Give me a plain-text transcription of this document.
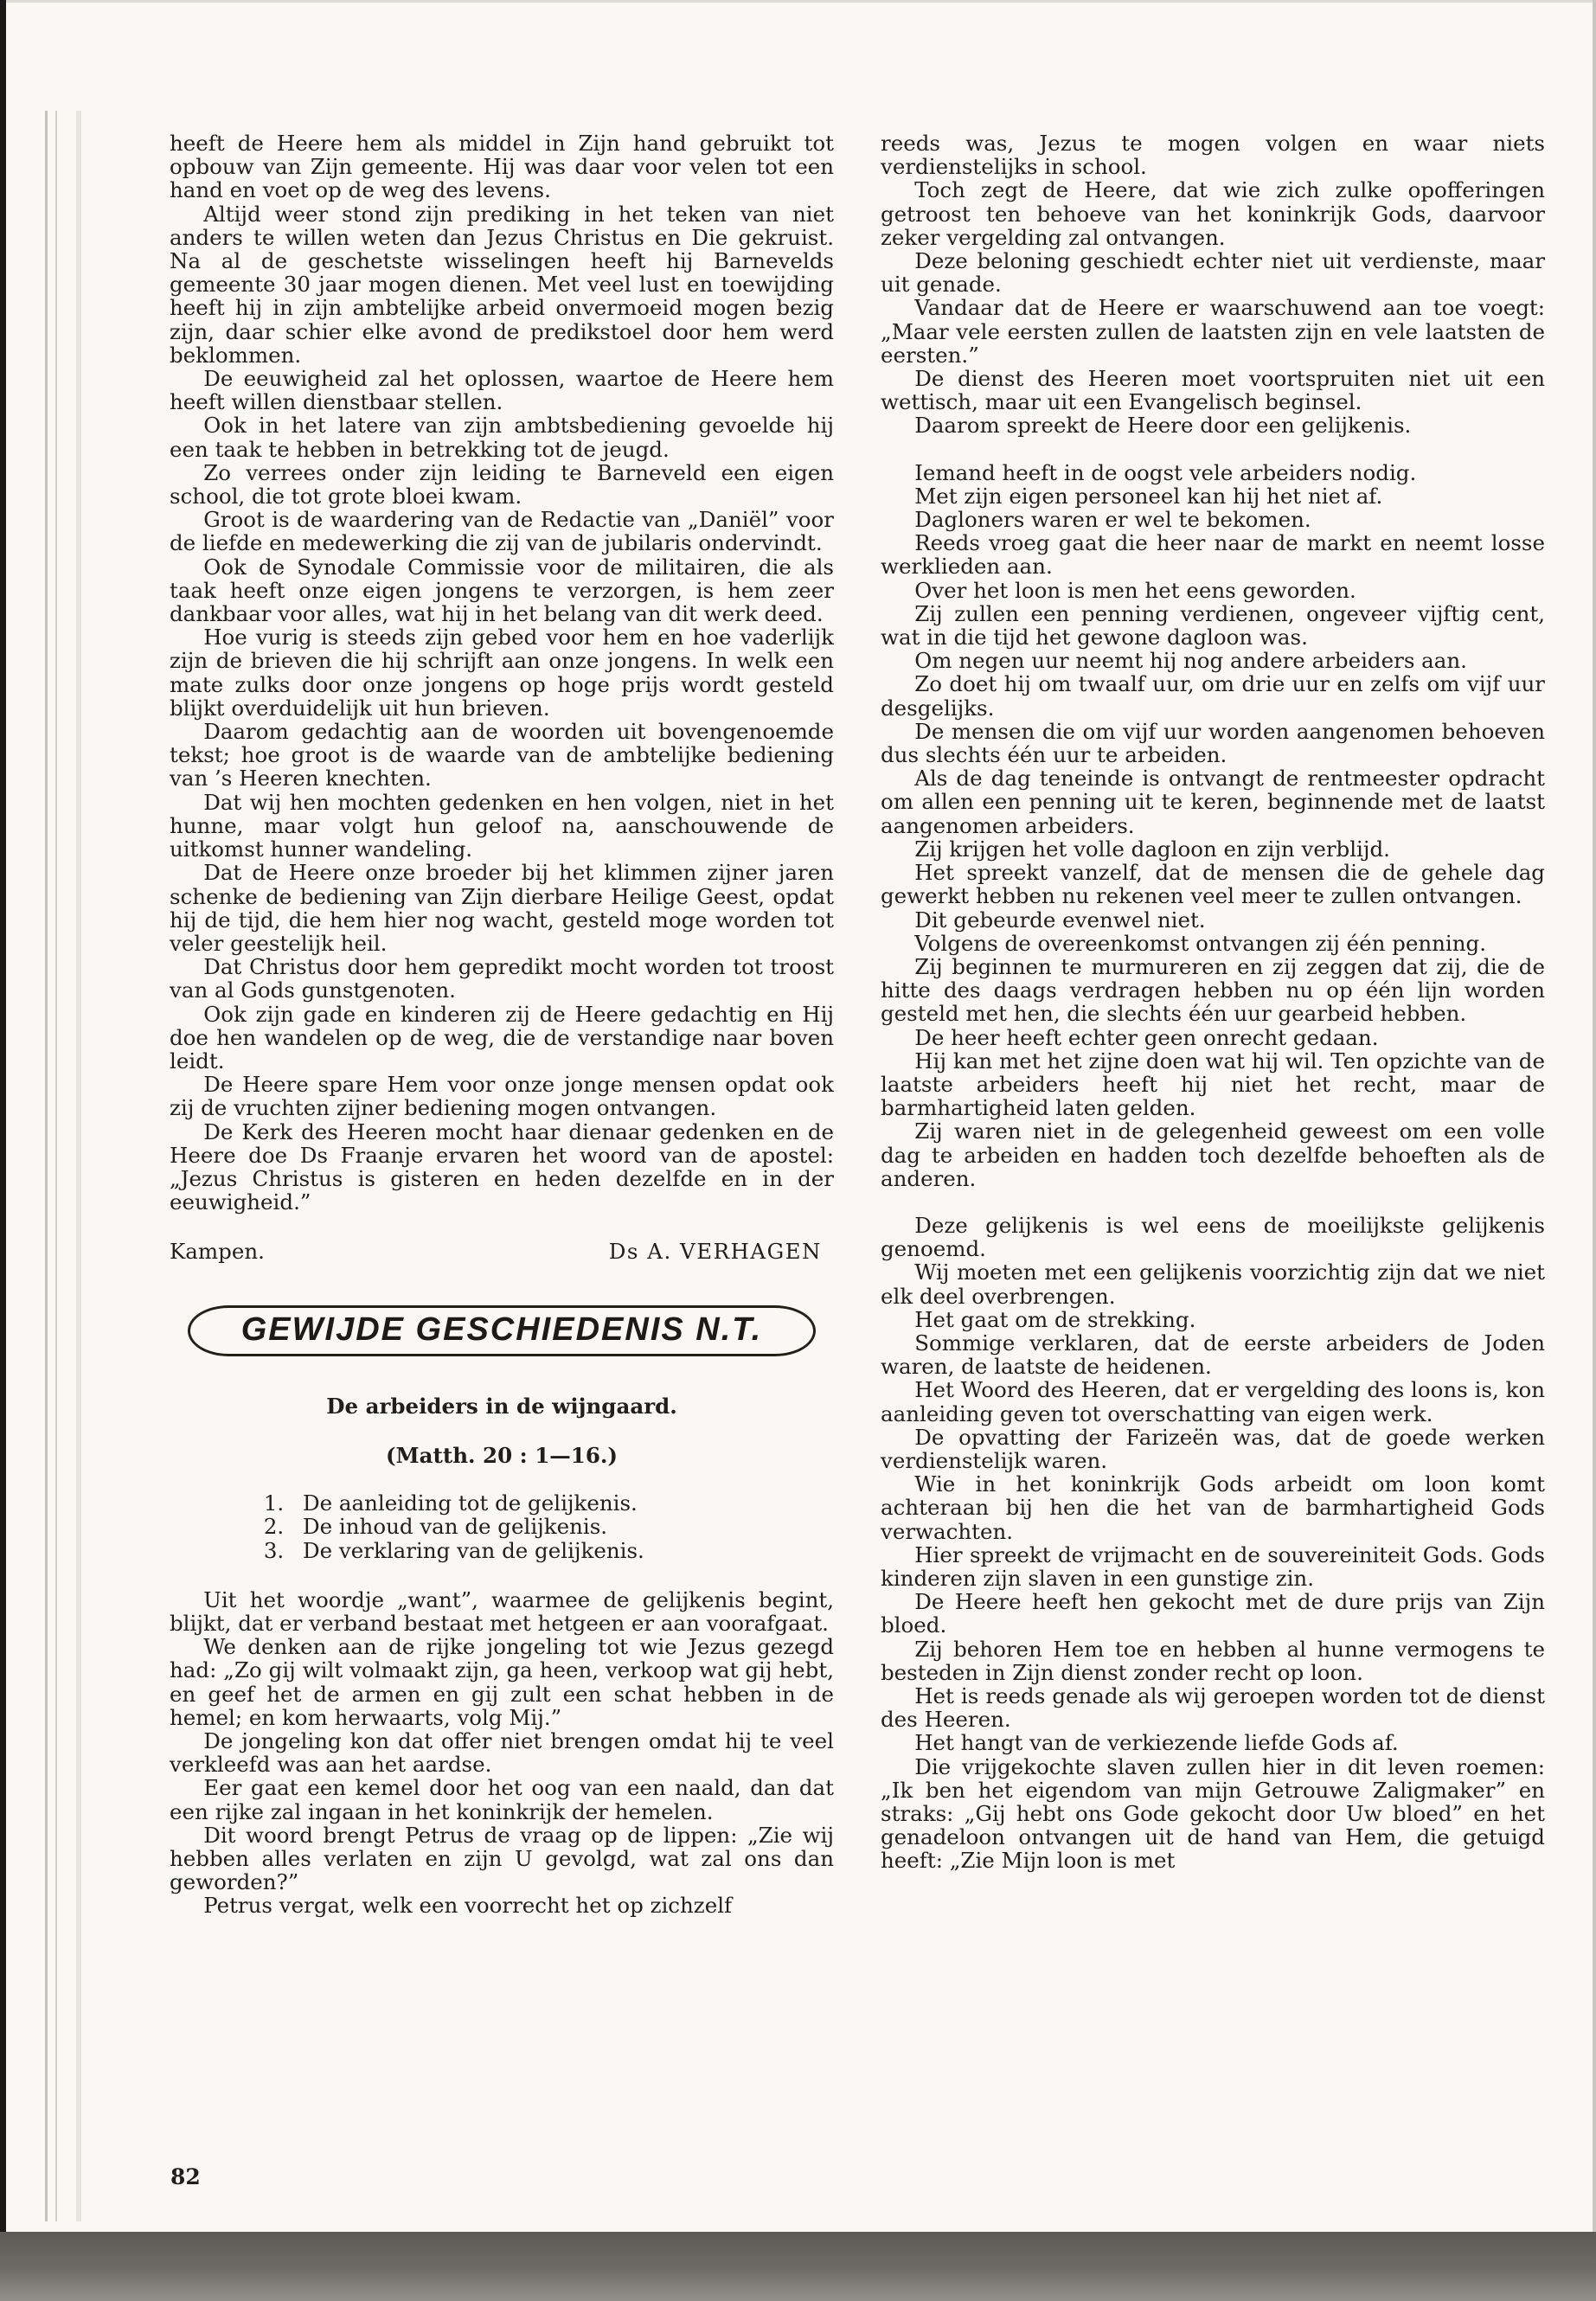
heeft de Heere hem als middel in Zijn hand gebruikt tot opbouw van Zijn gemeente. Hij was daar voor velen tot een hand en voet op de weg des levens.

Altijd weer stond zijn prediking in het teken van niet anders te willen weten dan Jezus Christus en Die gekruist. Na al de geschetste wisselingen heeft hij Barnevelds gemeente 30 jaar mogen dienen. Met veel lust en toewijding heeft hij in zijn ambtelijke arbeid onvermoeid mogen bezig zijn, daar schier elke avond de predikstoel door hem werd beklommen.

De eeuwigheid zal het oplossen, waartoe de Heere hem heeft willen dienstbaar stellen.

Ook in het latere van zijn ambtsbediening gevoelde hij een taak te hebben in betrekking tot de jeugd.

Zo verrees onder zijn leiding te Barneveld een eigen school, die tot grote bloei kwam.

Groot is de waardering van de Redactie van „Daniël” voor de liefde en medewerking die zij van de jubilaris ondervindt.

Ook de Synodale Commissie voor de militairen, die als taak heeft onze eigen jongens te verzorgen, is hem zeer dankbaar voor alles, wat hij in het belang van dit werk deed.

Hoe vurig is steeds zijn gebed voor hem en hoe vaderlijk zijn de brieven die hij schrijft aan onze jongens. In welk een mate zulks door onze jongens op hoge prijs wordt gesteld blijkt overduidelijk uit hun brieven.

Daarom gedachtig aan de woorden uit bovengenoemde tekst; hoe groot is de waarde van de ambtelijke bediening van ’s Heeren knechten.

Dat wij hen mochten gedenken en hen volgen, niet in het hunne, maar volgt hun geloof na, aanschouwende de uitkomst hunner wandeling.

Dat de Heere onze broeder bij het klimmen zijner jaren schenke de bediening van Zijn dierbare Heilige Geest, opdat hij de tijd, die hem hier nog wacht, gesteld moge worden tot veler geestelijk heil.

Dat Christus door hem gepredikt mocht worden tot troost van al Gods gunstgenoten.

Ook zijn gade en kinderen zij de Heere gedachtig en Hij doe hen wandelen op de weg, die de verstandige naar boven leidt.

De Heere spare Hem voor onze jonge mensen opdat ook zij de vruchten zijner bediening mogen ontvangen.

De Kerk des Heeren mocht haar dienaar gedenken en de Heere doe Ds Fraanje ervaren het woord van de apostel: „Jezus Christus is gisteren en heden dezelfde en in der eeuwigheid.”

Kampen.	Ds A. VERHAGEN
GEWIJDE GESCHIEDENIS N.T.
De arbeiders in de wijngaard.
(Matth. 20 : 1—16.)
1. De aanleiding tot de gelijkenis.
2. De inhoud van de gelijkenis.
3. De verklaring van de gelijkenis.

Uit het woordje „want”, waarmee de gelijkenis begint, blijkt, dat er verband bestaat met hetgeen er aan voorafgaat.

We denken aan de rijke jongeling tot wie Jezus gezegd had: „Zo gij wilt volmaakt zijn, ga heen, verkoop wat gij hebt, en geef het de armen en gij zult een schat hebben in de hemel; en kom herwaarts, volg Mij.”

De jongeling kon dat offer niet brengen omdat hij te veel verkleefd was aan het aardse.

Eer gaat een kemel door het oog van een naald, dan dat een rijke zal ingaan in het koninkrijk der hemelen.

Dit woord brengt Petrus de vraag op de lippen: „Zie wij hebben alles verlaten en zijn U gevolgd, wat zal ons dan geworden?”

Petrus vergat, welk een voorrecht het op zichzelf

reeds was, Jezus te mogen volgen en waar niets verdienstelijks in school.

Toch zegt de Heere, dat wie zich zulke opofferingen getroost ten behoeve van het koninkrijk Gods, daarvoor zeker vergelding zal ontvangen.

Deze beloning geschiedt echter niet uit verdienste, maar uit genade.

Vandaar dat de Heere er waarschuwend aan toe voegt: „Maar vele eersten zullen de laatsten zijn en vele laatsten de eersten.”

De dienst des Heeren moet voortspruiten niet uit een wettisch, maar uit een Evangelisch beginsel.

Daarom spreekt de Heere door een gelijkenis.

Iemand heeft in de oogst vele arbeiders nodig.

Met zijn eigen personeel kan hij het niet af.

Dagloners waren er wel te bekomen.

Reeds vroeg gaat die heer naar de markt en neemt losse werklieden aan.

Over het loon is men het eens geworden.

Zij zullen een penning verdienen, ongeveer vijftig cent, wat in die tijd het gewone dagloon was.

Om negen uur neemt hij nog andere arbeiders aan.

Zo doet hij om twaalf uur, om drie uur en zelfs om vijf uur desgelijks.

De mensen die om vijf uur worden aangenomen behoeven dus slechts één uur te arbeiden.

Als de dag teneinde is ontvangt de rentmeester opdracht om allen een penning uit te keren, beginnende met de laatst aangenomen arbeiders.

Zij krijgen het volle dagloon en zijn verblijd.

Het spreekt vanzelf, dat de mensen die de gehele dag gewerkt hebben nu rekenen veel meer te zullen ontvangen.

Dit gebeurde evenwel niet.

Volgens de overeenkomst ontvangen zij één penning.

Zij beginnen te murmureren en zij zeggen dat zij, die de hitte des daags verdragen hebben nu op één lijn worden gesteld met hen, die slechts één uur gearbeid hebben.

De heer heeft echter geen onrecht gedaan.

Hij kan met het zijne doen wat hij wil. Ten opzichte van de laatste arbeiders heeft hij niet het recht, maar de barmhartigheid laten gelden.

Zij waren niet in de gelegenheid geweest om een volle dag te arbeiden en hadden toch dezelfde behoeften als de anderen.

Deze gelijkenis is wel eens de moeilijkste gelijkenis genoemd.

Wij moeten met een gelijkenis voorzichtig zijn dat we niet elk deel overbrengen.

Het gaat om de strekking.

Sommige verklaren, dat de eerste arbeiders de Joden waren, de laatste de heidenen.

Het Woord des Heeren, dat er vergelding des loons is, kon aanleiding geven tot overschatting van eigen werk.

De opvatting der Farizeën was, dat de goede werken verdienstelijk waren.

Wie in het koninkrijk Gods arbeidt om loon komt achteraan bij hen die het van de barmhartigheid Gods verwachten.

Hier spreekt de vrijmacht en de souvereiniteit Gods. Gods kinderen zijn slaven in een gunstige zin.

De Heere heeft hen gekocht met de dure prijs van Zijn bloed.

Zij behoren Hem toe en hebben al hunne vermogens te besteden in Zijn dienst zonder recht op loon.

Het is reeds genade als wij geroepen worden tot de dienst des Heeren.

Het hangt van de verkiezende liefde Gods af.

Die vrijgekochte slaven zullen hier in dit leven roemen: „Ik ben het eigendom van mijn Getrouwe Zaligmaker” en straks: „Gij hebt ons Gode gekocht door Uw bloed” en het genadeloon ontvangen uit de hand van Hem, die getuigd heeft: „Zie Mijn loon is met

82
